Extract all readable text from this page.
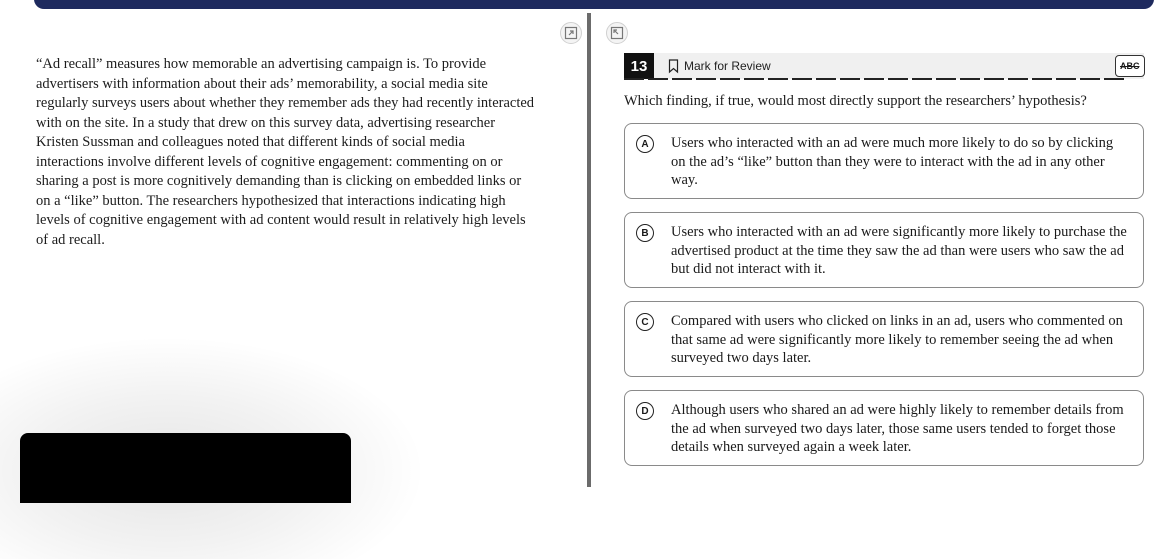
“Ad recall” measures how memorable an advertising campaign is. To provide advertisers with information about their ads’ memorability, a social media site regularly surveys users about whether they remember ads they had recently interacted with on the site. In a study that drew on this survey data, advertising researcher Kristen Sussman and colleagues noted that different kinds of social media interactions involve different levels of cognitive engagement: commenting on or sharing a post is more cognitively demanding than is clicking on embedded links or on a “like” button. The researchers hypothesized that interactions indicating high levels of cognitive engagement with ad content would result in relatively high levels of ad recall.

13	Mark for Review	ABC

Which finding, if true, would most directly support the researchers’ hypothesis?

A	Users who interacted with an ad were much more likely to do so by clicking on the ad’s “like” button than they were to interact with the ad in any other way.

B	Users who interacted with an ad were significantly more likely to purchase the advertised product at the time they saw the ad than were users who saw the ad but did not interact with it.

C	Compared with users who clicked on links in an ad, users who commented on that same ad were significantly more likely to remember seeing the ad when surveyed two days later.

D	Although users who shared an ad were highly likely to remember details from the ad when surveyed two days later, those same users tended to forget those details when surveyed again a week later.
